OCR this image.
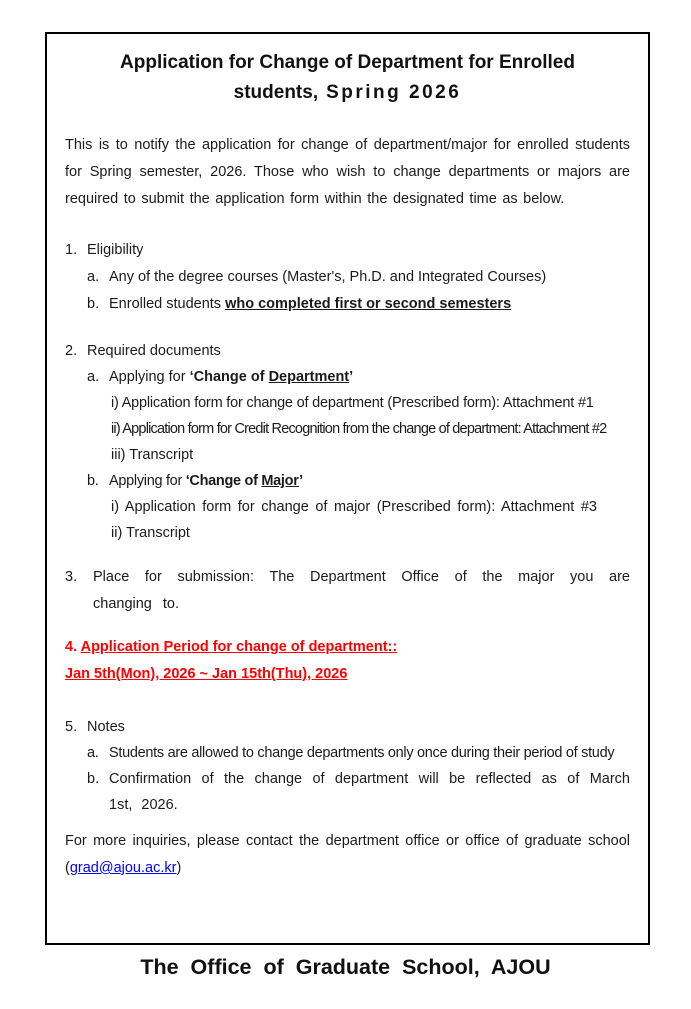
Application for Change of Department for Enrolled
students, Spring 2026

This is to notify the application for change of department/major for enrolled students for Spring semester, 2026. Those who wish to change departments or majors are required to submit the application form within the designated time as below.

1. Eligibility
a. Any of the degree courses (Master's, Ph.D. and Integrated Courses)
b. Enrolled students who completed first or second semesters
2. Required documents
a. Applying for ‘Change of Department’
i) Application form for change of department (Prescribed form): Attachment #1
ii) Application form for Credit Recognition from the change of department: Attachment #2
iii) Transcript
b. Applying for ‘Change of Major’
i) Application form for change of major (Prescribed form): Attachment #3
ii) Transcript
3. Place for submission: The Department Office of the major you are changing to.
4. Application Period for change of department::
Jan 5th(Mon), 2026 ~ Jan 15th(Thu), 2026
5. Notes
a. Students are allowed to change departments only once during their period of study
b. Confirmation of the change of department will be reflected as of March 1st, 2026.

For more inquiries, please contact the department office or office of graduate school (grad@ajou.ac.kr)

The Office of Graduate School, AJOU
